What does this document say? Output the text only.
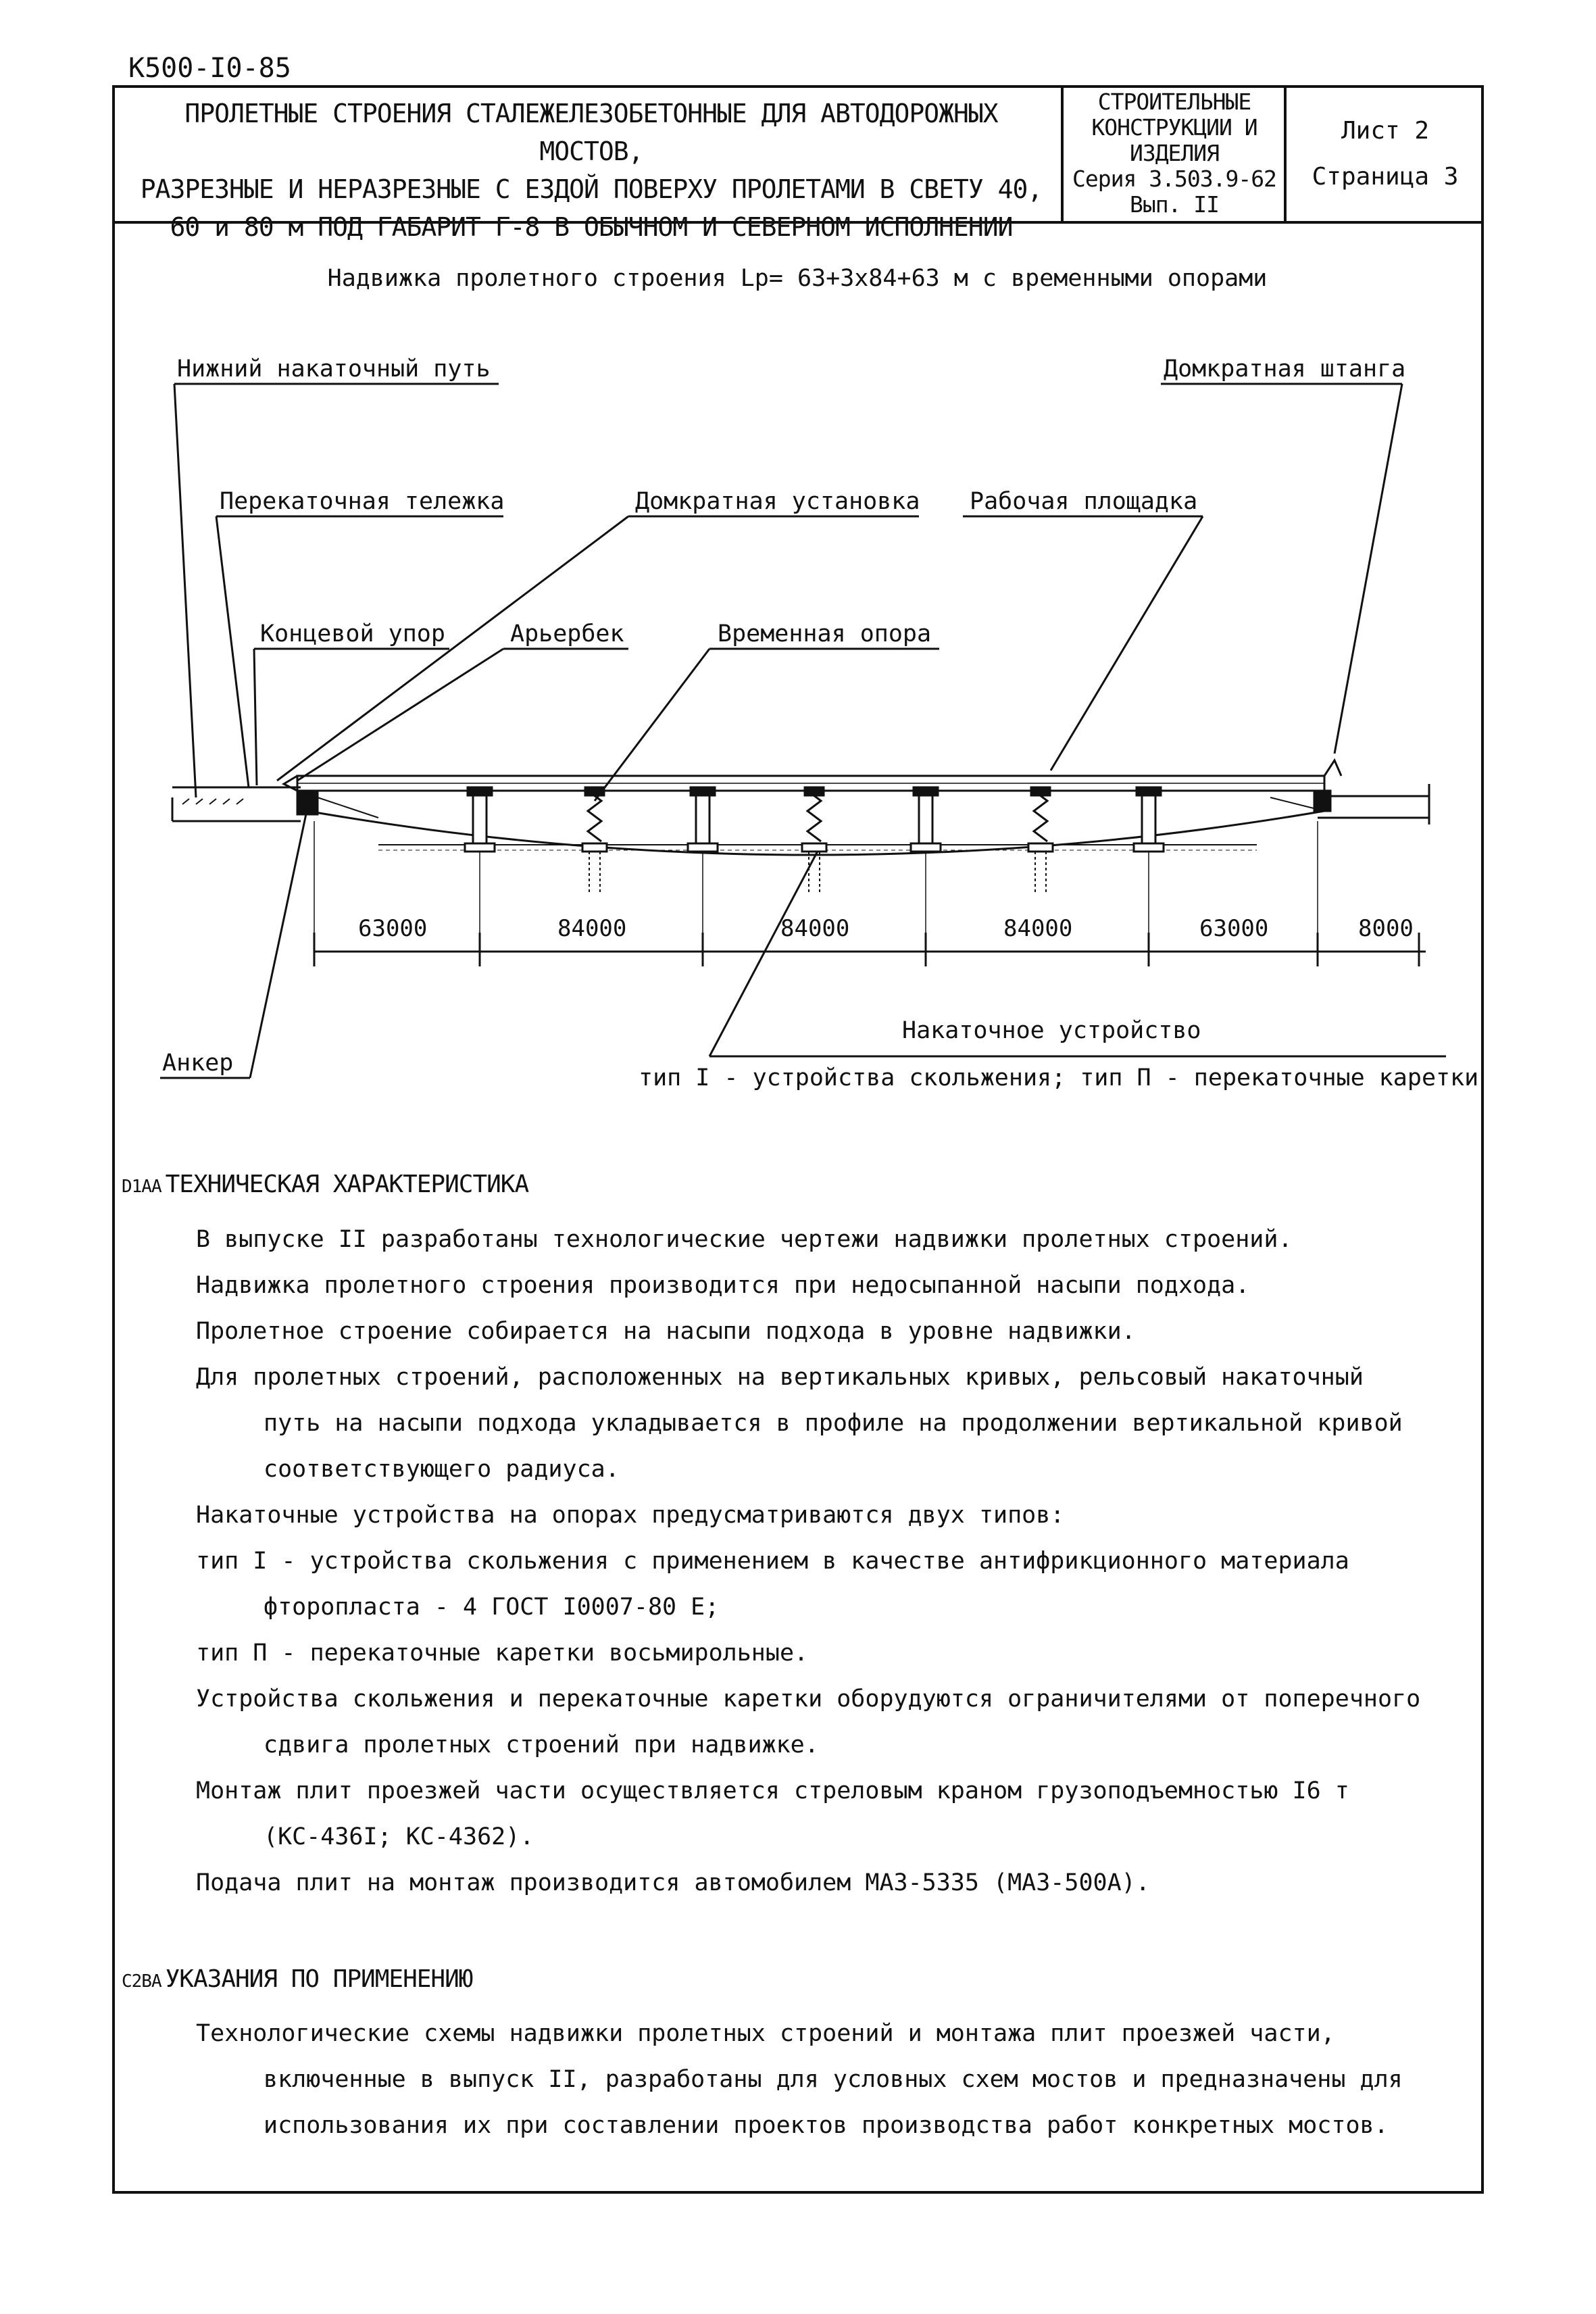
К500-I0-85
ПРОЛЕТНЫЕ СТРОЕНИЯ СТАЛЕЖЕЛЕЗОБЕТОННЫЕ ДЛЯ АВТОДОРОЖНЫХ МОСТОВ,
РАЗРЕЗНЫЕ И НЕРАЗРЕЗНЫЕ С ЕЗДОЙ ПОВЕРХУ ПРОЛЕТАМИ В СВЕТУ 40,
60 и 80 м ПОД ГАБАРИТ Г-8 В ОБЫЧНОМ И СЕВЕРНОМ ИСПОЛНЕНИИ
СТРОИТЕЛЬНЫЕ
КОНСТРУКЦИИ И
ИЗДЕЛИЯ
Серия 3.503.9-62
Вып. II
Лист 2
Страница 3
Надвижка пролетного строения Lр= 63+3х84+63 м с временными опорами
Нижний накаточный путь	Домкратная штанга
Перекаточная тележка	Домкратная установка Рабочая площадка
Концевой упор	Арьербек	Временная опора
Анкер
Накаточное устройство
тип I - устройства скольжения; тип П - перекаточные каретки
63000	84000	84000	84000	63000	8000
D1AA ТЕХНИЧЕСКАЯ ХАРАКТЕРИСТИКА

В выпуске II разработаны технологические чертежи надвижки пролетных строений.

Надвижка пролетного строения производится при недосыпанной насыпи подхода.

Пролетное строение собирается на насыпи подхода в уровне надвижки.

Для пролетных строений, расположенных на вертикальных кривых, рельсовый накаточный путь на насыпи подхода укладывается в профиле на продолжении вертикальной кривой соответствующего радиуса.

Накаточные устройства на опорах предусматриваются двух типов:

тип I - устройства скольжения с применением в качестве антифрикционного материала фторопласта - 4 ГОСТ I0007-80 Е;

тип П - перекаточные каретки восьмирольные.

Устройства скольжения и перекаточные каретки оборудуются ограничителями от поперечного сдвига пролетных строений при надвижке.

Монтаж плит проезжей части осуществляется стреловым краном грузоподъемностью I6 т (КС-436I; КС-4362).

Подача плит на монтаж производится автомобилем МАЗ-5335 (МАЗ-500А).

C2BA УКАЗАНИЯ ПО ПРИМЕНЕНИЮ

Технологические схемы надвижки пролетных строений и монтажа плит проезжей части, включенные в выпуск II, разработаны для условных схем мостов и предназначены для использования их при составлении проектов производства работ конкретных мостов.
